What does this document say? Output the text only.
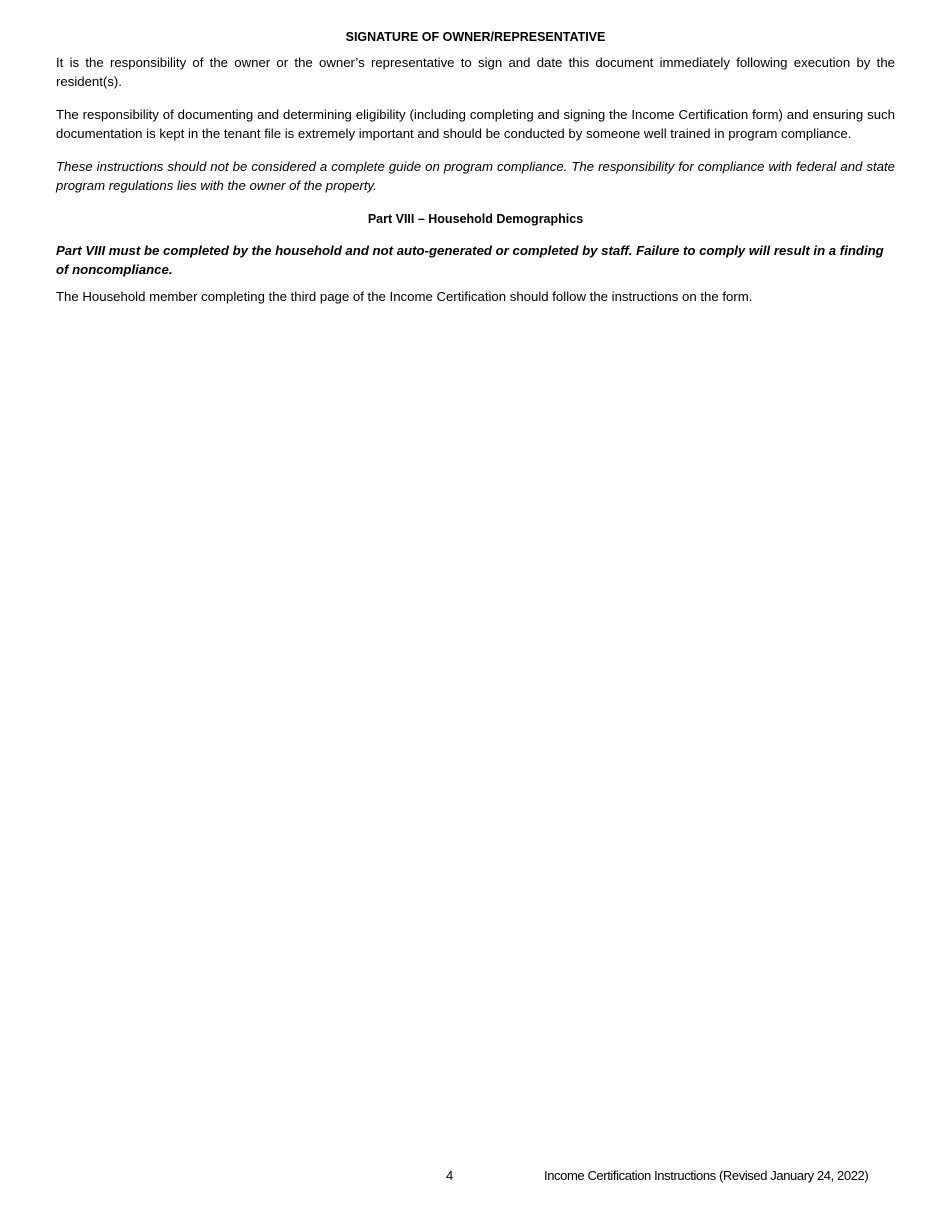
SIGNATURE OF OWNER/REPRESENTATIVE

It is the responsibility of the owner or the owner’s representative to sign and date this document immediately following execution by the resident(s).

The responsibility of documenting and determining eligibility (including completing and signing the Income Certification form) and ensuring such documentation is kept in the tenant file is extremely important and should be conducted by someone well trained in program compliance.

These instructions should not be considered a complete guide on program compliance. The responsibility for compliance with federal and state program regulations lies with the owner of the property.

Part VIII – Household Demographics

Part VIII must be completed by the household and not auto-generated or completed by staff. Failure to comply will result in a finding of noncompliance.

The Household member completing the third page of the Income Certification should follow the instructions on the form.

4	Income Certification Instructions (Revised January 24, 2022)
